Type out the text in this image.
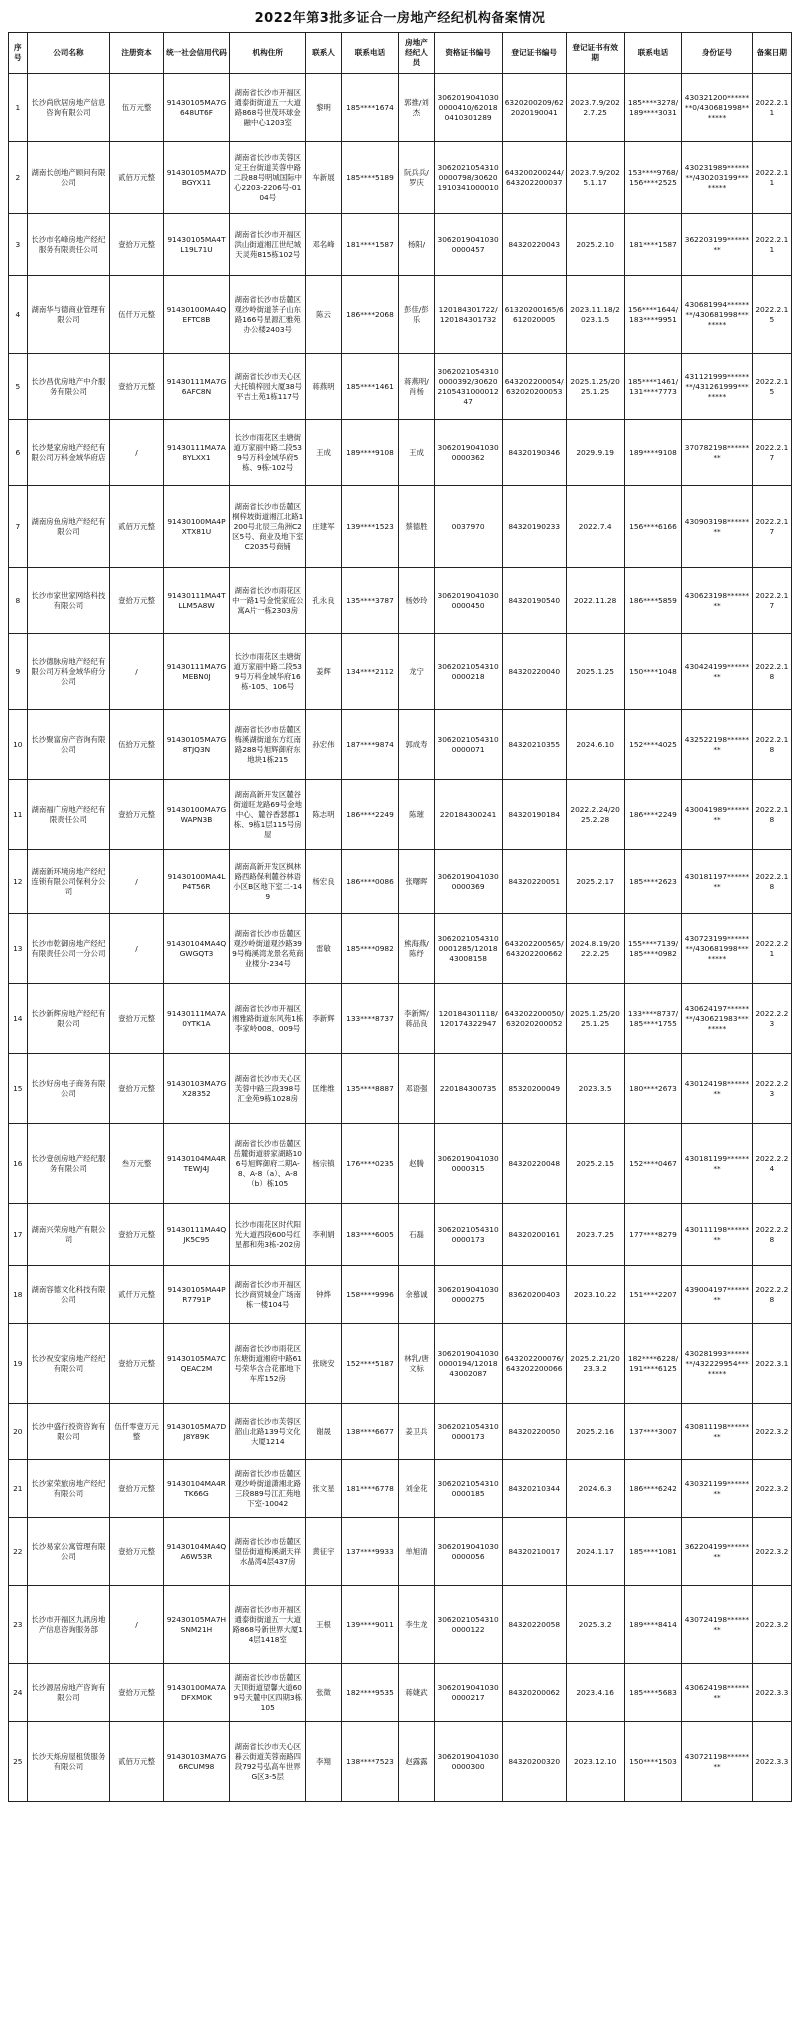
2022年第3批多证合一房地产经纪机构备案情况
序号	公司名称	注册资本	统一社会信用代码	机构住所	联系人	联系电话	房地产经纪人员	资格证书编号	登记证书编号	登记证书有效期	联系电话	身份证号	备案日期
1	长沙尚欣居房地产信息咨询有限公司	伍万元整	91430105MA7G648UT6F	湖南省长沙市开福区通泰街街道五一大道路868号世茂环球金融中心1203室	黎明	185****1674	郭推/刘杰	30620190410300000410/620180410301289	6320200209/622020190041	2023.7.9/2022.7.25	185****3278/189****3031	430321200********0/430681998*******	2022.2.11
2	湖南长创地产顾问有限公司	贰佰万元整	91430105MA7DBGYX11	湖南省长沙市芙蓉区定王台街道芙蓉中路二段88号明城国际中心2203-2206号-0104号	车新展	185****5189	阮兵兵/罗庆	30620210543100000798/306201910341000010	643200200244/643202200037	2023.7.9/2025.1.17	153****9768/156****2525	430231989********/430203199********	2022.2.11
3	长沙市名峰房地产经纪服务有限责任公司	壹拾万元整	91430105MA4TL19L71U	湖南省长沙市开福区洪山街道湘江世纪城天灵苑815栋102号	邓名峰	181****1587	杨阳/	30620190410300000457	84320220043	2025.2.10	181****1587	362203199********	2022.2.11
4	湖南华与德商业管理有限公司	伍仟万元整	91430100MA4QEFTC8B	湖南省长沙市岳麓区观沙岭街道茶子山东路166号星源汇雅苑办公楼2403号	陈云	186****2068	彭佳/彭乐	120184301722/120184301732	61320200165/6612020005	2023.11.18/2023.1.5	156****1644/183****9951	430681994********/430681998********	2022.2.15
5	长沙昌优房地产中介服务有限公司	壹拾万元整	91430111MA7G6AFC8N	湖南省长沙市天心区大托镇梓园大厦38号平吉土苑1栋117号	蒋燕明	185****1461	蒋燕明/肖杨	30620210543100000392/306202105431000012 47	643202200054/632020200053	2025.1.25/2025.1.25	185****1461/131****7773	431121999********/431261999********	2022.2.15
6	长沙楚家房地产经纪有限公司万科金域华府店	/	91430111MA7A8YLXX1	长沙市雨花区圭塘街道万家丽中路二段539号万科金域华府5栋、9栋-102号	王成	189****9108	王成	30620190410300000362	84320190346	2029.9.19	189****9108	370782198********	2022.2.17
7	湖南房鱼房地产经纪有限公司	贰佰万元整	91430100MA4PXTX81U	湖南省长沙市岳麓区桐梓坡街道湘江北路1200号北辰三角洲C2区5号、商业及地下室C2035号商铺	庄建军	139****1523	蔡德胜	0037970	84320190233	2022.7.4	156****6166	430903198********	2022.2.17
8	长沙市家世家网络科技有限公司	壹拾万元整	91430111MA4TLLM5A8W	湖南省长沙市雨花区中一路1号金悦家庭公寓A片一栋2303房	孔永良	135****3787	杨妙玲	30620190410300000450	84320190540	2022.11.28	186****5859	430623198********	2022.2.17
9	长沙德脉房地产经纪有限公司万科金域华府分公司	/	91430111MA7GMEBN0J	长沙市雨花区圭塘街道万家丽中路二段539号万科金域华府16栋-105、106号	姜辉	134****2112	龙宁	30620210543100000218	84320220040	2025.1.25	150****1048	430424199********	2022.2.18
10	长沙聚富房产咨询有限公司	伍拾万元整	91430105MA7G8TJQ3N	湖南省长沙市岳麓区梅溪湖街道东方红南路288号旭辉御府东地块1栋215	孙宏伟	187****9874	郭成寿	30620210543100000071	84320210355	2024.6.10	152****4025	432522198********	2022.2.18
11	湖南福广房地产经纪有限责任公司	壹拾万元整	91430100MA7GWAPN3B	湖南高新开发区麓谷街道旺龙路69号金地中心、麓谷香瑟郡1栋、9栋1层115号房屋	陈志明	186****2249	陈璀	220184300241	84320190184	2022.2.24/2025.2.28	186****2249	430041989********	2022.2.18
12	湖南新环境房地产经纪连锁有限公司保利分公司	/	91430100MA4LP4T56R	湖南高新开发区枫林路西路保利麓谷林语小区B区地下室二-149	杨宏良	186****0086	张曙晖	30620190410300000369	84320220051	2025.2.17	185****2623	430181197********	2022.2.18
13	长沙市乾御房地产经纪有限责任公司一分公司	/	91430104MA4QGWGQT3	湖南省长沙市岳麓区观沙岭街道观沙路399号梅溪湾龙景名苑商业楼分-234号	雷敏	185****0982	熊海燕/陈纾	30620210543100001285/1201843008158	643202200565/643202200662	2024.8.19/2022.2.25	155****7139/185****0982	430723199********/430681998********	2022.2.21
14	长沙新辉房地产经纪有限公司	壹拾万元整	91430111MA7A0YTK1A	湖南省长沙市开福区湘雅路街道东风苑1栋李家岭008、009号	李新辉	133****8737	李新辉/蒋品良	120184301118/120174322947	643202200050/632020200052	2025.1.25/2025.1.25	133****8737/185****1755	430624197********/430621983********	2022.2.23
15	长沙好房电子商务有限公司	壹拾万元整	91430103MA7GX28352	湖南省长沙市天心区芙蓉中路三段398号汇金苑9栋1028房	匡维维	135****8887	邓语强	220184300735	85320200049	2023.3.5	180****2673	430124198********	2022.2.23
16	长沙壹创房地产经纪服务有限公司	叁万元整	91430104MA4RTEWJ4J	湖南省长沙市岳麓区岳麓街道骄家湖路106号旭辉御府二期A-8、A-8（a）、A-8（b）栋105	杨宗镇	176****0235	赵腾	30620190410300000315	84320220048	2025.2.15	152****0467	430181199********	2022.2.24
17	湖南兴荣房地产有限公司	壹拾万元整	91430111MA4QJK5C95	长沙市雨花区时代阳光大道西段600号红星都和苑3栋-202房	李利娟	183****6005	石磊	30620210543100000173	84320200161	2023.7.25	177****8279	430111198********	2022.2.28
18	湖南容德文化科技有限公司	贰仟万元整	91430105MA4PR7791P	湖南省长沙市开福区长沙商贸城金广场南栋一楼104号	钟烨	158****9996	余慕诚	30620190410300000275	83620200403	2023.10.22	151****2207	439004197********	2022.2.28
19	长沙祝安家房地产经纪有限公司	壹拾万元整	91430105MA7CQEAC2M	湖南省长沙市雨花区东塘街道湘府中路61号荣华含合花都地下车库152房	张晓安	152****5187	林乳/唐文标	30620190410300000194/1201843002087	643202200076/643202200066	2025.2.21/2023.3.2	182****6228/191****6125	430281993********/432229954********	2022.3.1
20	长沙中盛行投资咨询有限公司	伍仟零壹万元整	91430105MA7DJ8Y89K	湖南省长沙市芙蓉区韶山北路139号文化大厦1214	谢晟	138****6677	姜卫兵	30620210543100000173	84320220050	2025.2.16	137****3007	430811198********	2022.3.2
21	长沙家荣旅房地产经纪有限公司	壹拾万元整	91430104MA4RTK66G	湖南省长沙市岳麓区观沙岭街道潇湘北路三段889号江汇苑地下室-10042	张文星	181****6778	刘金花	30620210543100000185	84320210344	2024.6.3	186****6242	430321199********	2022.3.2
22	长沙易家公寓管理有限公司	壹拾万元整	91430104MA4QA6W53R	湖南省长沙市岳麓区望岳街道梅溪湖天祥水晶湾4层437房	黄征宇	137****9933	单旭清	30620190410300000056	84320210017	2024.1.17	185****1081	362204199********	2022.3.2
23	长沙市开福区九訊房地产信息咨询服务部	/	92430105MA7HSNM21H	湖南省长沙市开福区通泰街街道五一大道路868号新世界大厦14层1418室	王根	139****9011	李生龙	30620210543100000122	84320220058	2025.3.2	189****8414	430724198********	2022.3.2
24	长沙源居房地产咨询有限公司	壹拾万元整	91430100MA7ADFXM0K	湖南省长沙市岳麓区天顶街道望馨大道609号天麓中区四期3栋105	张徵	182****9535	蒋婕武	30620190410300000217	84320200062	2023.4.16	185****5683	430624198********	2022.3.3
25	长沙天烁房屋租赁服务有限公司	贰佰万元整	91430103MA7G6RCUM98	湖南省长沙市天心区暮云街道芙蓉南路四段792号弘高车世界G区3-5层	李翔	138****7523	赵露露	30620190410300000300	84320200320	2023.12.10	150****1503	430721198********	2022.3.3
